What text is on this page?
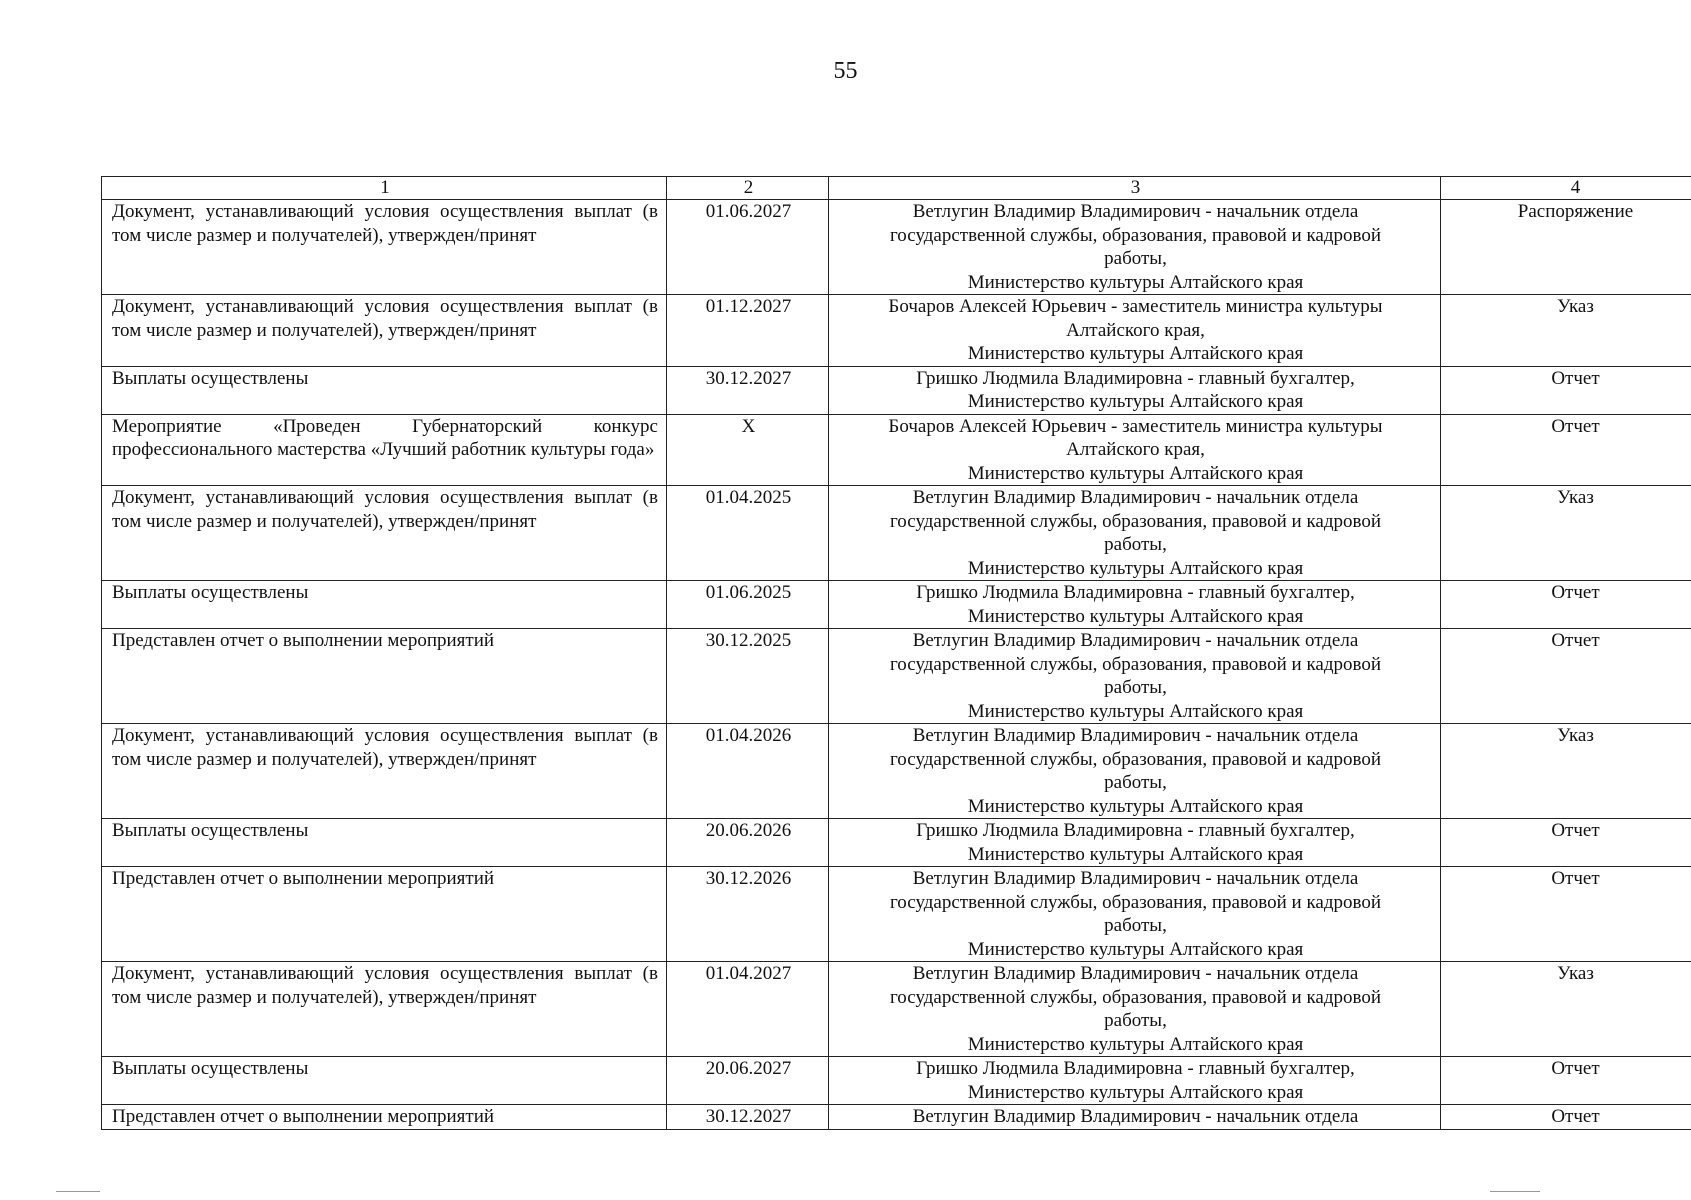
55
1	2	3	4
Документ, устанавливающий условия осуществления выплат (в том числе размер и получателей), утвержден/принят	01.06.2027	Ветлугин Владимир Владимирович - начальник отдела
государственной службы, образования, правовой и кадровой
работы,
Министерство культуры Алтайского края	Распоряжение
Документ, устанавливающий условия осуществления выплат (в том числе размер и получателей), утвержден/принят	01.12.2027	Бочаров Алексей Юрьевич - заместитель министра культуры
Алтайского края,
Министерство культуры Алтайского края	Указ
Выплаты осуществлены	30.12.2027	Гришко Людмила Владимировна - главный бухгалтер,
Министерство культуры Алтайского края	Отчет
Мероприятие «Проведен Губернаторский конкурс профессионального мастерства «Лучший работник культуры года»	Х	Бочаров Алексей Юрьевич - заместитель министра культуры
Алтайского края,
Министерство культуры Алтайского края	Отчет
Документ, устанавливающий условия осуществления выплат (в том числе размер и получателей), утвержден/принят	01.04.2025	Ветлугин Владимир Владимирович - начальник отдела
государственной службы, образования, правовой и кадровой
работы,
Министерство культуры Алтайского края	Указ
Выплаты осуществлены	01.06.2025	Гришко Людмила Владимировна - главный бухгалтер,
Министерство культуры Алтайского края	Отчет
Представлен отчет о выполнении мероприятий	30.12.2025	Ветлугин Владимир Владимирович - начальник отдела
государственной службы, образования, правовой и кадровой
работы,
Министерство культуры Алтайского края	Отчет
Документ, устанавливающий условия осуществления выплат (в том числе размер и получателей), утвержден/принят	01.04.2026	Ветлугин Владимир Владимирович - начальник отдела
государственной службы, образования, правовой и кадровой
работы,
Министерство культуры Алтайского края	Указ
Выплаты осуществлены	20.06.2026	Гришко Людмила Владимировна - главный бухгалтер,
Министерство культуры Алтайского края	Отчет
Представлен отчет о выполнении мероприятий	30.12.2026	Ветлугин Владимир Владимирович - начальник отдела
государственной службы, образования, правовой и кадровой
работы,
Министерство культуры Алтайского края	Отчет
Документ, устанавливающий условия осуществления выплат (в том числе размер и получателей), утвержден/принят	01.04.2027	Ветлугин Владимир Владимирович - начальник отдела
государственной службы, образования, правовой и кадровой
работы,
Министерство культуры Алтайского края	Указ
Выплаты осуществлены	20.06.2027	Гришко Людмила Владимировна - главный бухгалтер,
Министерство культуры Алтайского края	Отчет
Представлен отчет о выполнении мероприятий	30.12.2027	Ветлугин Владимир Владимирович - начальник отдела	Отчет
